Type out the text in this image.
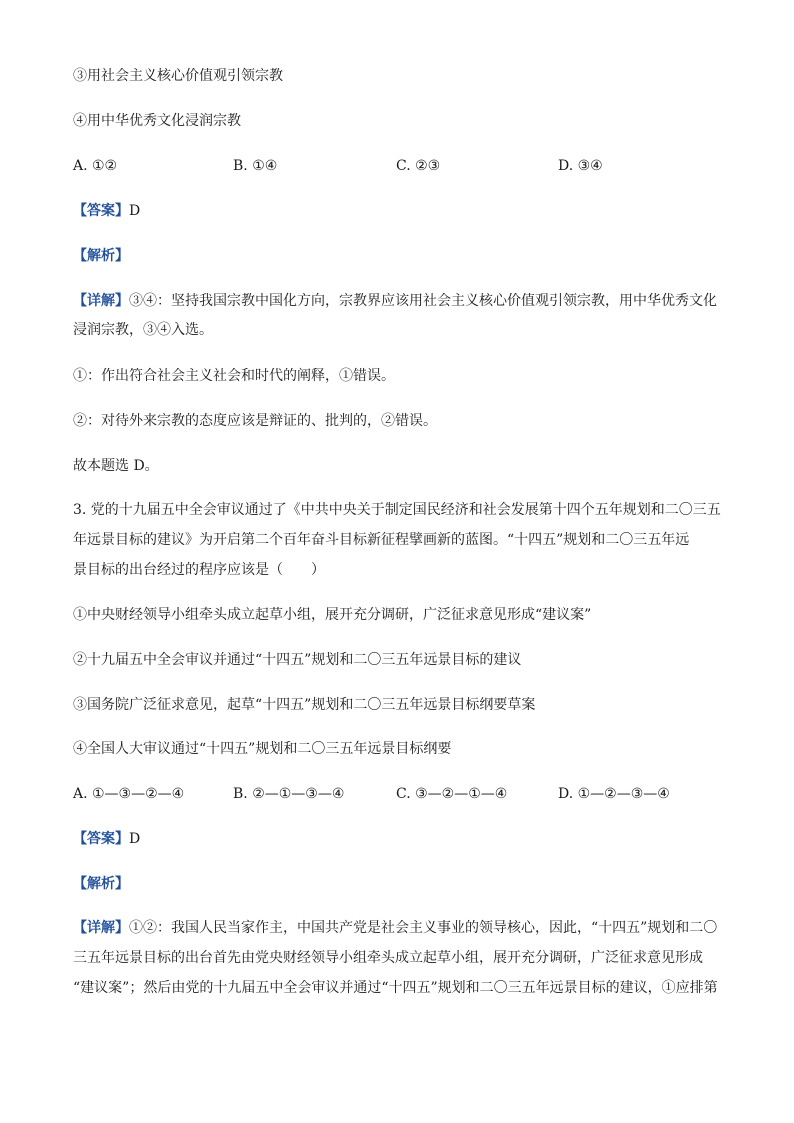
③用社会主义核心价值观引领宗教
④用中华优秀文化浸润宗教
A. ①②	B. ①④	C. ②③	D. ③④
【答案】D
【解析】
【详解】③④：坚持我国宗教中国化方向，宗教界应该用社会主义核心价值观引领宗教，用中华优秀文化
浸润宗教，③④入选。
①：作出符合社会主义社会和时代的阐释，①错误。
②：对待外来宗教的态度应该是辩证的、批判的，②错误。
故本题选 D。
3. 党的十九届五中全会审议通过了《中共中央关于制定国民经济和社会发展第十四个五年规划和二〇三五
年远景目标的建议》为开启第二个百年奋斗目标新征程擘画新的蓝图。“十四五”规划和二〇三五年远
景目标的出台经过的程序应该是（　　）
①中央财经领导小组牵头成立起草小组，展开充分调研，广泛征求意见形成“建议案”
②十九届五中全会审议并通过“十四五”规划和二〇三五年远景目标的建议
③国务院广泛征求意见，起草“十四五”规划和二〇三五年远景目标纲要草案
④全国人大审议通过“十四五”规划和二〇三五年远景目标纲要
A. ①—③—②—④	B. ②—①—③—④	C. ③—②—①—④	D. ①—②—③—④
【答案】D
【解析】
【详解】①②：我国人民当家作主，中国共产党是社会主义事业的领导核心，因此，“十四五”规划和二〇
三五年远景目标的出台首先由党央财经领导小组牵头成立起草小组，展开充分调研，广泛征求意见形成
“建议案”；然后由党的十九届五中全会审议并通过“十四五”规划和二〇三五年远景目标的建议，①应排第
